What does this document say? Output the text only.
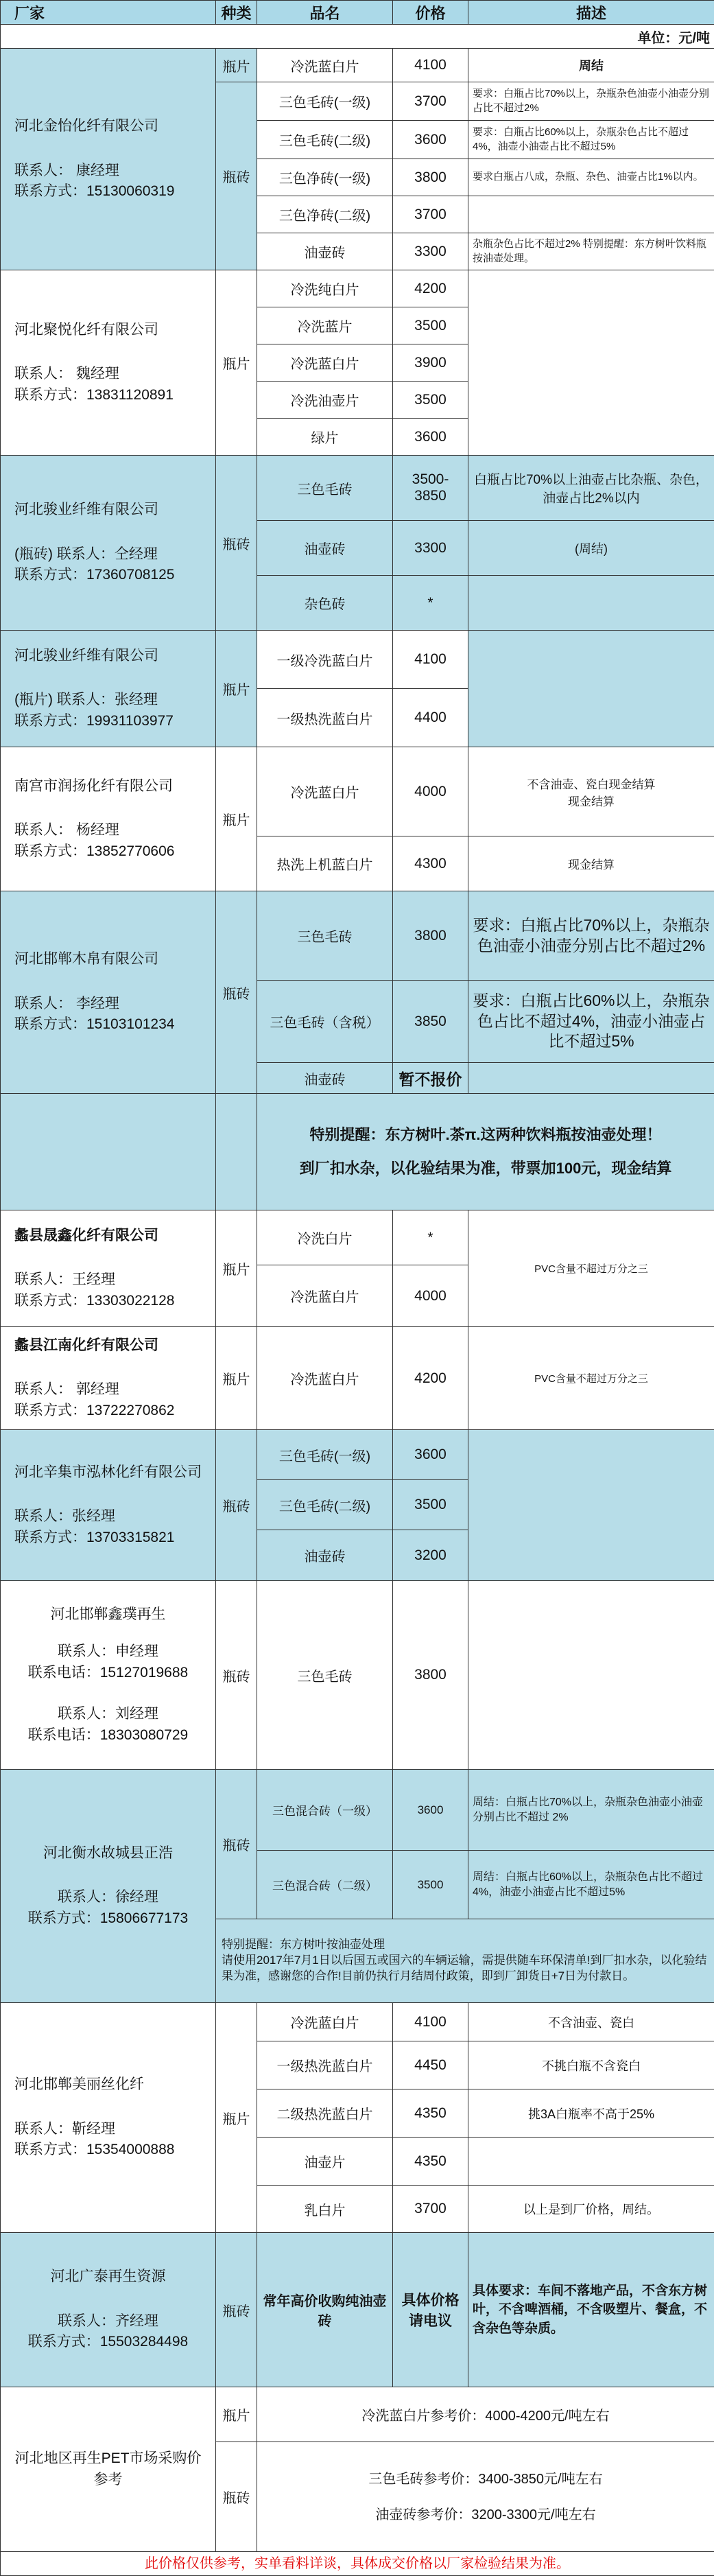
厂家	种类	品名	价格	描述
单位：元/吨				

河北金怡化纤有限公司
联系人： 康经理
联系方式：15130060319	瓶片	冷洗蓝白片	4100	周结
	瓶砖	三色毛砖(一级)	3700	要求：白瓶占比70%以上，杂瓶杂色油壶小油壶分别占比不超过2%
		三色毛砖(二级)	3600	要求：白瓶占比60%以上，杂瓶杂色占比不超过4%，油壶小油壶占比不超过5%
		三色净砖(一级)	3800	要求白瓶占八成，杂瓶、杂色、油壶占比1%以内。
		三色净砖(二级)	3700	
		油壶砖	3300	杂瓶杂色占比不超过2% 特别提醒：东方树叶饮料瓶按油壶处理。

河北聚悦化纤有限公司
联系人： 魏经理
联系方式：13831120891	瓶片	冷洗纯白片	4200	
		冷洗蓝片	3500	
		冷洗蓝白片	3900	
		冷洗油壶片	3500	
		绿片	3600	

河北骏业纤维有限公司
(瓶砖) 联系人：仝经理
联系方式：17360708125	瓶砖	三色毛砖	3500-3850	白瓶占比70%以上油壶占比杂瓶、杂色，油壶占比2%以内
		油壶砖	3300	(周结)
		杂色砖	*	

河北骏业纤维有限公司
(瓶片) 联系人：张经理
联系方式：19931103977	瓶片	一级冷洗蓝白片	4100	
		一级热洗蓝白片	4400	

南宫市润扬化纤有限公司
联系人： 杨经理
联系方式：13852770606	瓶片	冷洗蓝白片	4000	不含油壶、瓷白现金结算
现金结算
		热洗上机蓝白片	4300	现金结算

河北邯郸木帛有限公司
联系人： 李经理
联系方式：15103101234	瓶砖	三色毛砖	3800	要求：白瓶占比70%以上，杂瓶杂色油壶小油壶分别占比不超过2%
		三色毛砖（含税）	3850	要求：白瓶占比60%以上，杂瓶杂色占比不超过4%，油壶小油壶占比不超过5%
		油壶砖	暂不报价	

		特别提醒：东方树叶.茶π.这两种饮料瓶按油壶处理！
到厂扣水杂，以化验结果为准，带票加100元，现金结算		

蠡县晟鑫化纤有限公司
联系人：王经理
联系方式：13303022128	瓶片	冷洗白片	*	PVC含量不超过万分之三
		冷洗蓝白片	4000	

蠡县江南化纤有限公司
联系人： 郭经理
联系方式：13722270862	瓶片	冷洗蓝白片	4200	PVC含量不超过万分之三

河北辛集市泓林化纤有限公司
联系人：张经理
联系方式：13703315821	瓶砖	三色毛砖(一级)	3600	
		三色毛砖(二级)	3500	
		油壶砖	3200	

河北邯郸鑫璞再生
联系人：申经理
联系电话：15127019688

联系人：刘经理
联系电话：18303080729	瓶砖	三色毛砖	3800	

河北衡水故城县正浩
联系人：徐经理
联系方式：15806677173	瓶砖	三色混合砖（一级）	3600	周结：白瓶占比70%以上，杂瓶杂色油壶小油壶分别占比不超过 2%
		三色混合砖（二级）	3500	周结：白瓶占比60%以上，杂瓶杂色占比不超过4%，油壶小油壶占比不超过5%
	特别提醒：东方树叶按油壶处理
请使用2017年7月1日以后国五或国六的车辆运输，需提供随车环保清单!到厂扣水杂，以化验结果为准，感谢您的合作!目前仍执行月结周付政策，即到厂卸货日+7日为付款日。			

河北邯郸美丽丝化纤
联系人：靳经理
联系方式：15354000888	瓶片	冷洗蓝白片	4100	不含油壶、瓷白
		一级热洗蓝白片	4450	不挑白瓶不含瓷白
		二级热洗蓝白片	4350	挑3A白瓶率不高于25%
		油壶片	4350	
		乳白片	3700	以上是到厂价格，周结。

河北广泰再生资源
联系人：齐经理
联系方式：15503284498	瓶砖	常年高价收购纯油壶砖	具体价格请电议	具体要求：车间不落地产品，不含东方树叶，不含啤酒桶，不含吸塑片、餐盒，不含杂色等杂质。
河北地区再生PET市场采购价参考	瓶片	冷洗蓝白片参考价：4000-4200元/吨左右		
	瓶砖	三色毛砖参考价：3400-3850元/吨左右
油壶砖参考价：3200-3300元/吨左右		

此价格仅供参考，实单看料详谈，具体成交价格以厂家检验结果为准。				
